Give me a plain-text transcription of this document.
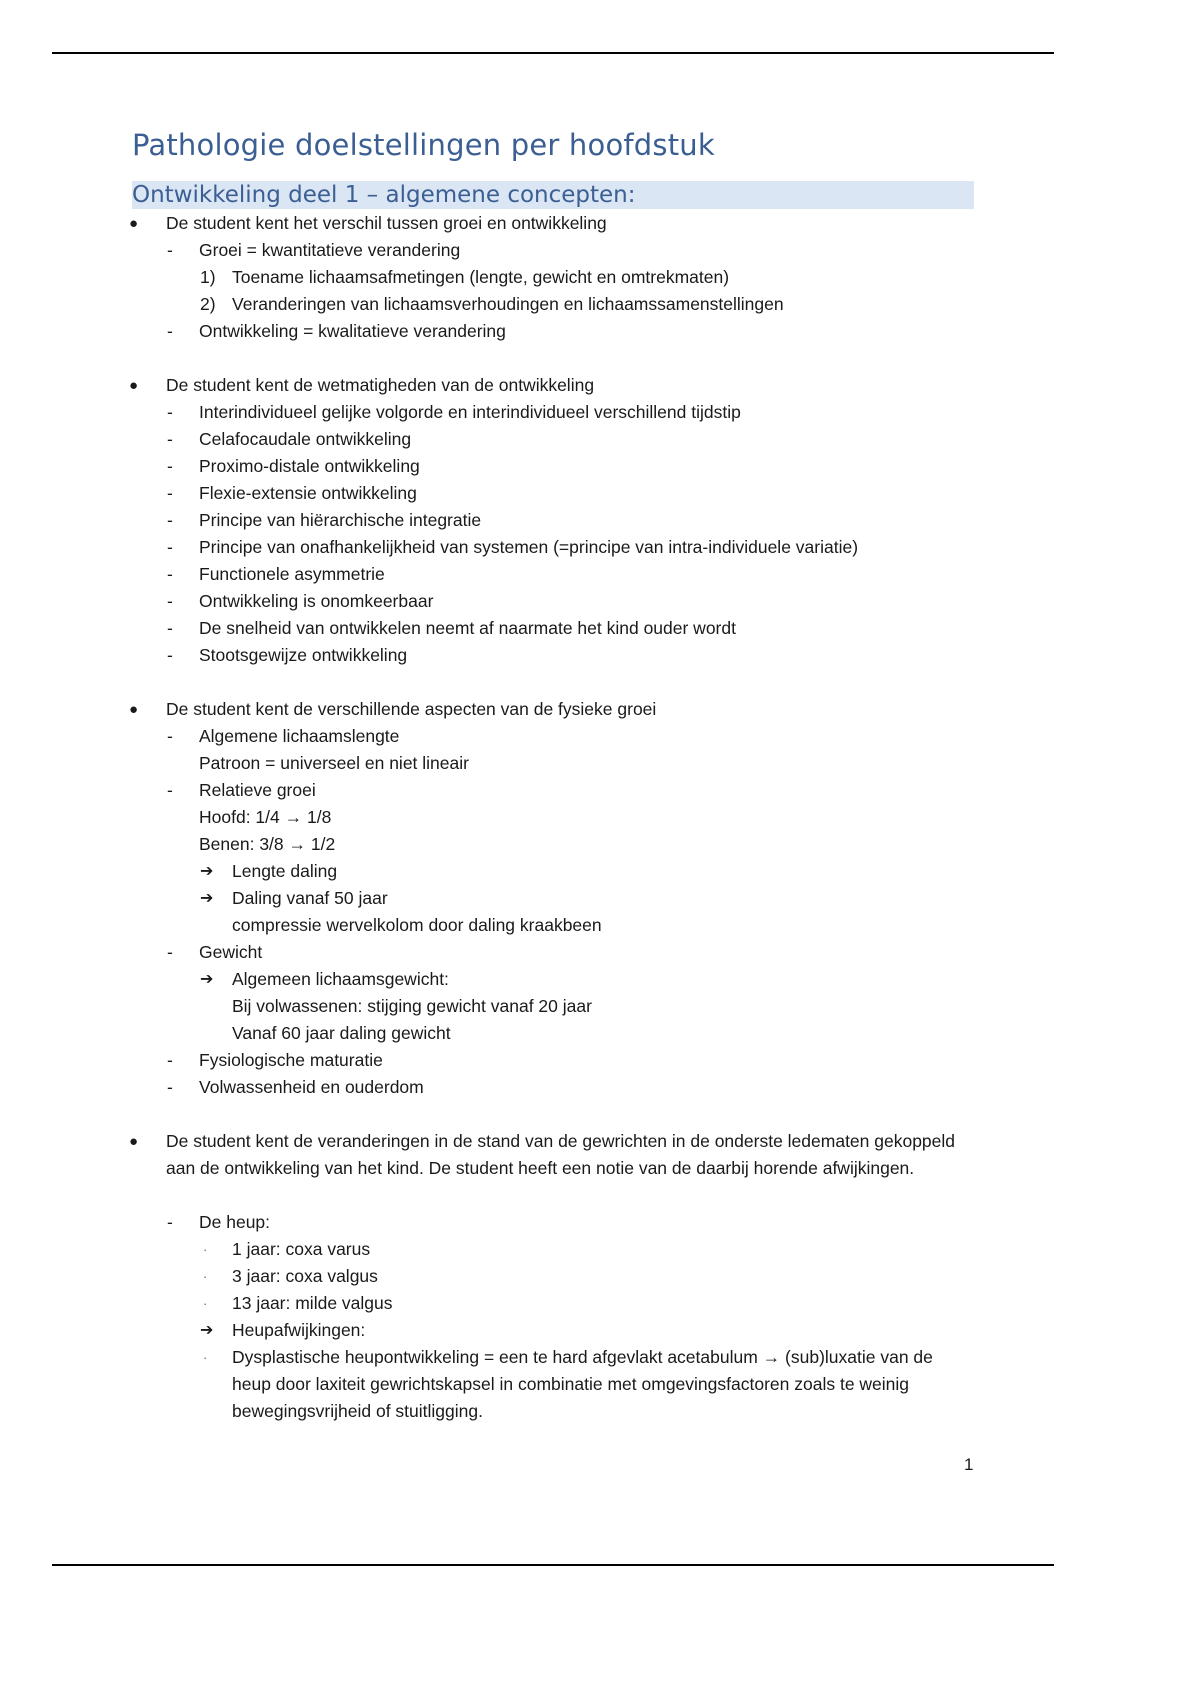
Pathologie doelstellingen per hoofdstuk
Ontwikkeling deel 1 – algemene concepten:
● De student kent het verschil tussen groei en ontwikkeling
- Groei = kwantitatieve verandering
1) Toename lichaamsafmetingen (lengte, gewicht en omtrekmaten)
2) Veranderingen van lichaamsverhoudingen en lichaamssamenstellingen
- Ontwikkeling = kwalitatieve verandering
● De student kent de wetmatigheden van de ontwikkeling
- Interindividueel gelijke volgorde en interindividueel verschillend tijdstip
- Celafocaudale ontwikkeling
- Proximo-distale ontwikkeling
- Flexie-extensie ontwikkeling
- Principe van hiërarchische integratie
- Principe van onafhankelijkheid van systemen (=principe van intra-individuele variatie)
- Functionele asymmetrie
- Ontwikkeling is onomkeerbaar
- De snelheid van ontwikkelen neemt af naarmate het kind ouder wordt
- Stootsgewijze ontwikkeling
● De student kent de verschillende aspecten van de fysieke groei
- Algemene lichaamslengte
Patroon = universeel en niet lineair
- Relatieve groei
Hoofd: 1/4 → 1/8
Benen: 3/8 → 1/2
➔ Lengte daling
➔ Daling vanaf 50 jaar
compressie wervelkolom door daling kraakbeen
- Gewicht
➔ Algemeen lichaamsgewicht:
Bij volwassenen: stijging gewicht vanaf 20 jaar
Vanaf 60 jaar daling gewicht
- Fysiologische maturatie
- Volwassenheid en ouderdom
● De student kent de veranderingen in de stand van de gewrichten in de onderste ledematen gekoppeld aan de ontwikkeling van het kind. De student heeft een notie van de daarbij horende afwijkingen.
- De heup:
· 1 jaar: coxa varus
· 3 jaar: coxa valgus
· 13 jaar: milde valgus
➔ Heupafwijkingen:
· Dysplastische heupontwikkeling = een te hard afgevlakt acetabulum → (sub)luxatie van de heup door laxiteit gewrichtskapsel in combinatie met omgevingsfactoren zoals te weinig bewegingsvrijheid of stuitligging.
1
